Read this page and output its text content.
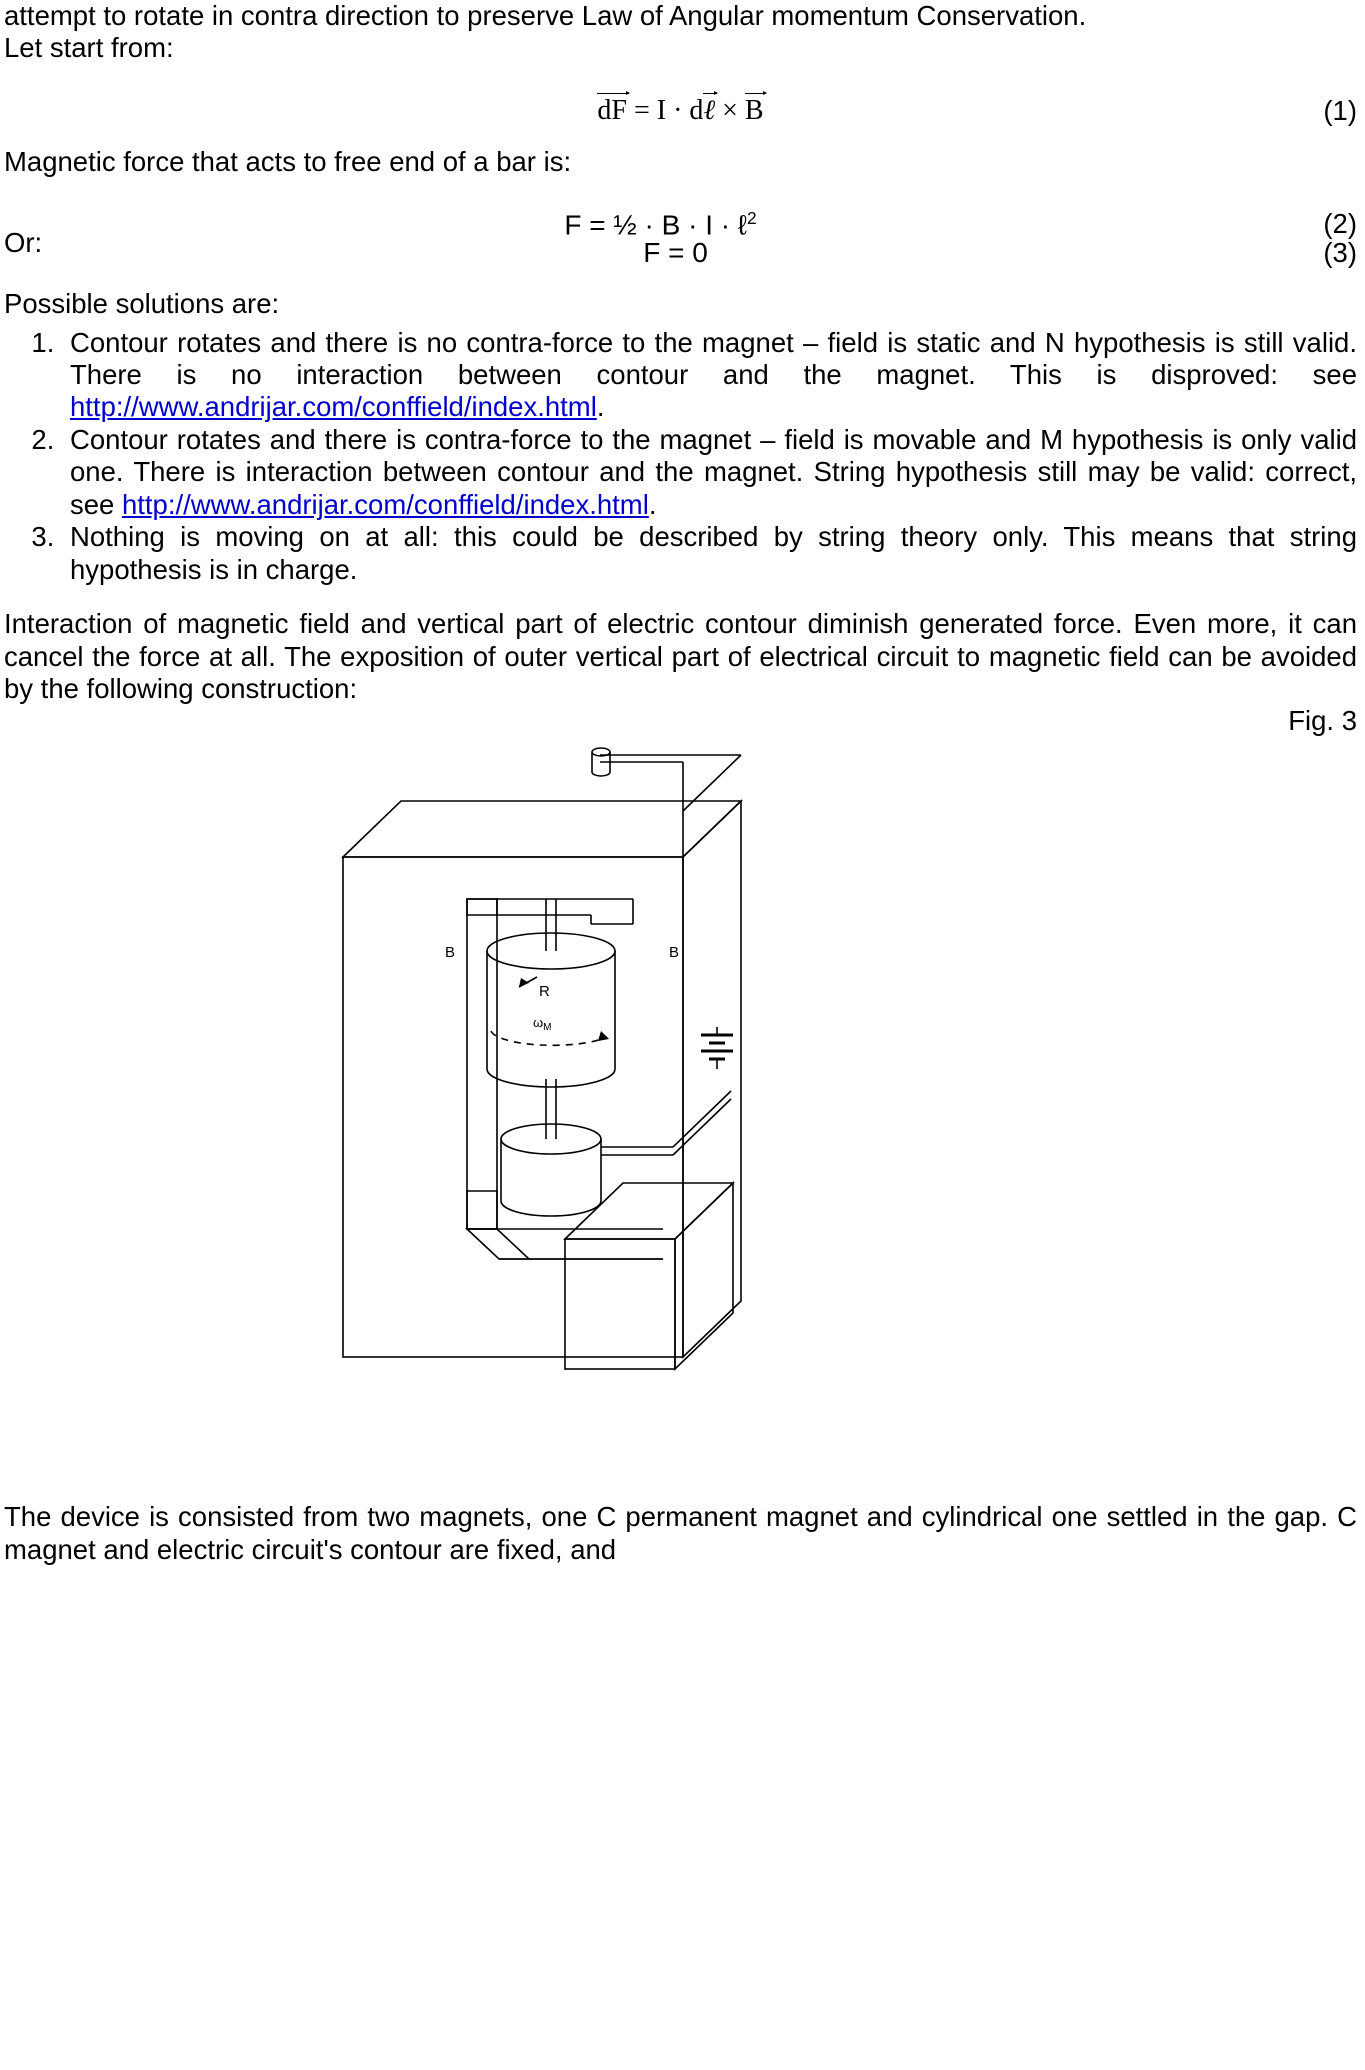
attempt to rotate in contra direction to preserve Law of Angular momentum Conservation.
Let start from:
dF = I · d
ℓ ×
B	(1)
Magnetic force that acts to free end of a bar is:
F = ½ · B · I · ℓ$^2$	(2)
Or:	F = 0	(3)
Possible solutions are:
1. Contour rotates and there is no contra-force to the magnet – field is static and N hypothesis is still valid. There is no interaction between contour and the magnet. This is disproved: see http://www.andrijar.com/conffield/index.html.
2. Contour rotates and there is contra-force to the magnet – field is movable and M hypothesis is only valid one. There is interaction between contour and the magnet. String hypothesis still may be valid: correct, see http://www.andrijar.com/conffield/index.html.
3. Nothing is moving on at all: this could be described by string theory only. This means that string hypothesis is in charge.
Interaction of magnetic field and vertical part of electric contour diminish generated force. Even more, it can cancel the force at all. The exposition of outer vertical part of electrical circuit to magnetic field can be avoided by the following construction:
Fig. 3
B	B
R
$\omega_M$
The device is consisted from two magnets, one C permanent magnet and cylindrical one settled in the gap. C magnet and electric circuit's contour are fixed, and
